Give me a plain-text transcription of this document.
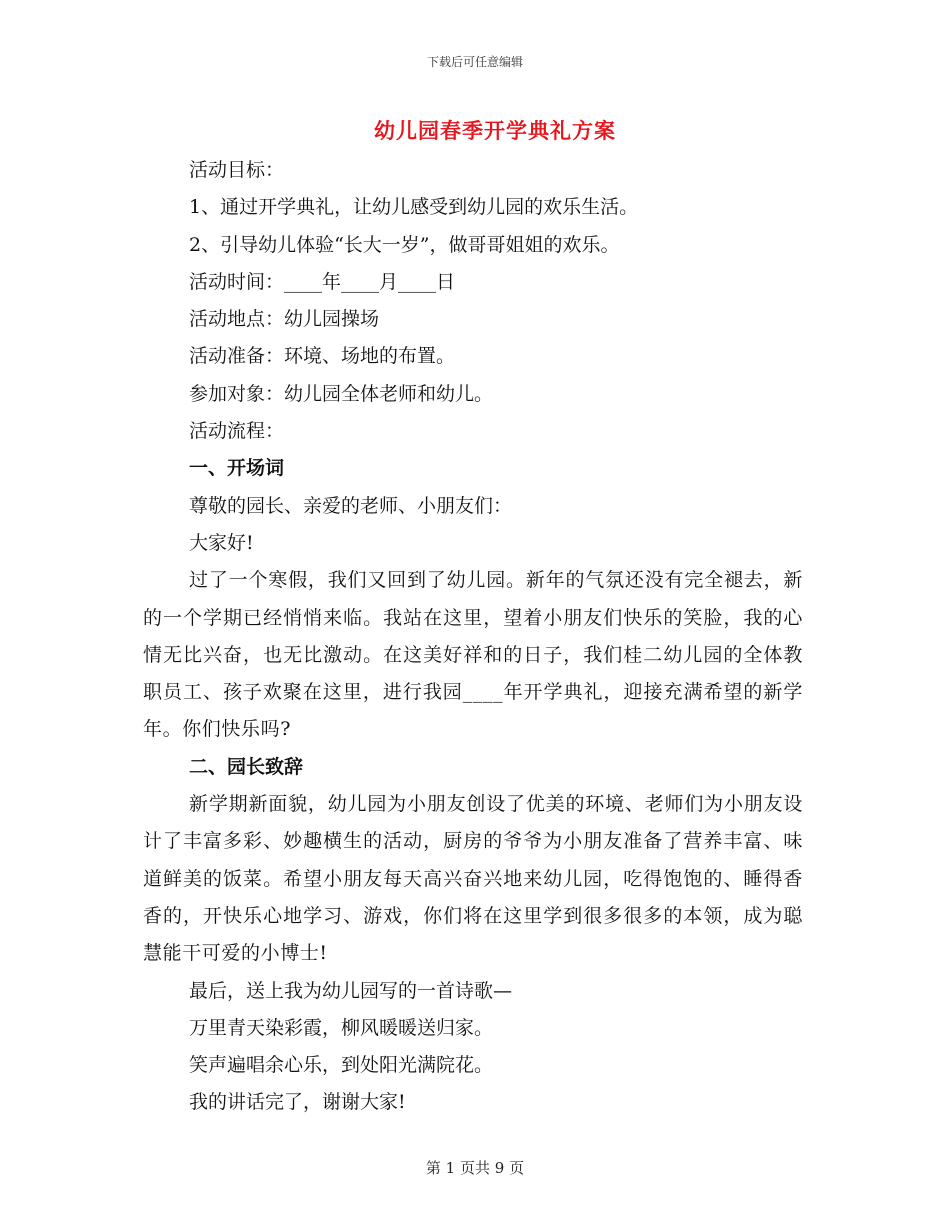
下载后可任意编辑
幼儿园春季开学典礼方案

活动目标：

1、通过开学典礼，让幼儿感受到幼儿园的欢乐生活。

2、引导幼儿体验“长大一岁”，做哥哥姐姐的欢乐。

活动时间：____年____月____日

活动地点：幼儿园操场

活动准备：环境、场地的布置。

参加对象：幼儿园全体老师和幼儿。

活动流程：

一、开场词

尊敬的园长、亲爱的老师、小朋友们：

大家好!

过了一个寒假，我们又回到了幼儿园。新年的气氛还没有完全褪去，新的一个学期已经悄悄来临。我站在这里，望着小朋友们快乐的笑脸，我的心情无比兴奋，也无比激动。在这美好祥和的日子，我们桂二幼儿园的全体教职员工、孩子欢聚在这里，进行我园____年开学典礼，迎接充满希望的新学年。你们快乐吗?

二、园长致辞

新学期新面貌，幼儿园为小朋友创设了优美的环境、老师们为小朋友设计了丰富多彩、妙趣横生的活动，厨房的爷爷为小朋友准备了营养丰富、味道鲜美的饭菜。希望小朋友每天高兴奋兴地来幼儿园，吃得饱饱的、睡得香香的，开快乐心地学习、游戏，你们将在这里学到很多很多的本领，成为聪慧能干可爱的小博士!

最后，送上我为幼儿园写的一首诗歌—

万里青天染彩霞，柳风暖暖送归家。

笑声遍唱余心乐，到处阳光满院花。

我的讲话完了，谢谢大家!

第 1 页共 9 页
